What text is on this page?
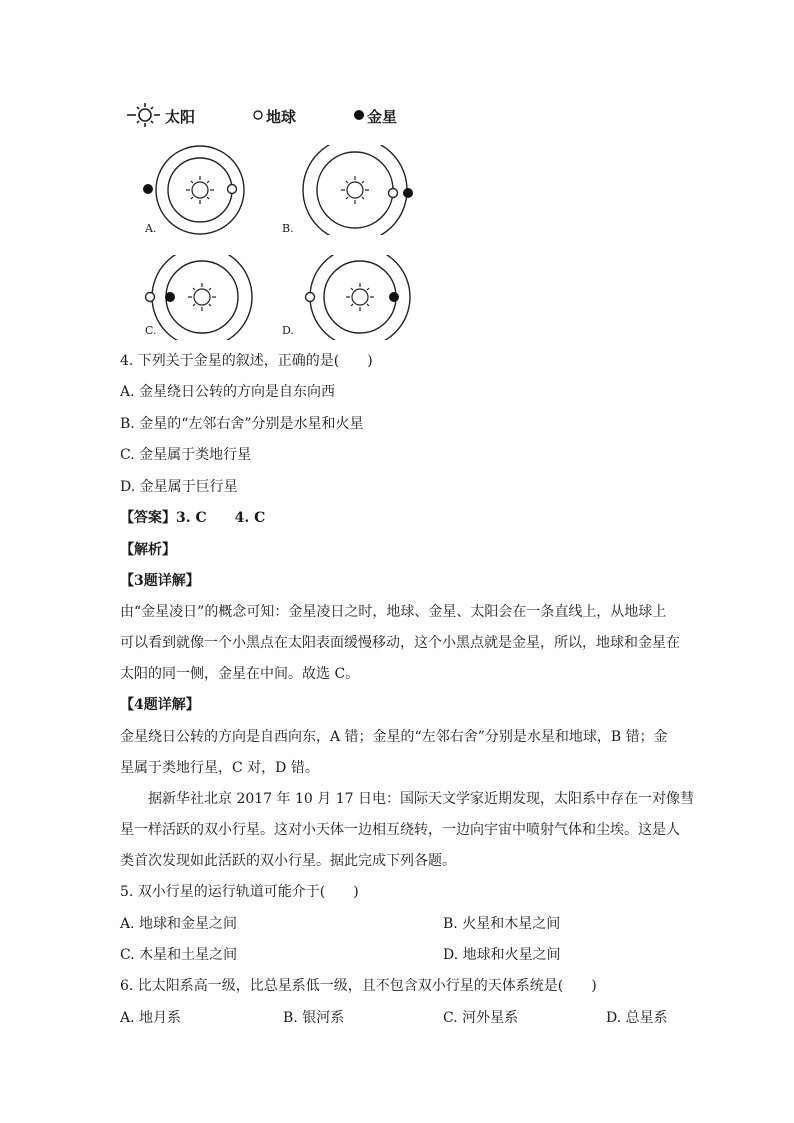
太阳	地球	金星
A.	B.
C.	D.
4. 下列关于金星的叙述，正确的是(　　)
A. 金星绕日公转的方向是自东向西
B. 金星的“左邻右舍”分别是水星和火星
C. 金星属于类地行星
D. 金星属于巨行星
【答案】3. C　　4. C
【解析】
【3题详解】
由“金星凌日”的概念可知：金星凌日之时，地球、金星、太阳会在一条直线上，从地球上
可以看到就像一个小黑点在太阳表面缓慢移动，这个小黑点就是金星，所以，地球和金星在
太阳的同一侧，金星在中间。故选 C。
【4题详解】
金星绕日公转的方向是自西向东，A 错；金星的“左邻右舍”分别是水星和地球，B 错；金
星属于类地行星，C 对，D 错。
据新华社北京 2017 年 10 月 17 日电：国际天文学家近期发现，太阳系中存在一对像彗
星一样活跃的双小行星。这对小天体一边相互绕转，一边向宇宙中喷射气体和尘埃。这是人
类首次发现如此活跃的双小行星。据此完成下列各题。
5. 双小行星的运行轨道可能介于(　　)
A. 地球和金星之间	B. 火星和木星之间
C. 木星和土星之间	D. 地球和火星之间
6. 比太阳系高一级，比总星系低一级，且不包含双小行星的天体系统是(　　)
A. 地月系	B. 银河系	C. 河外星系	D. 总星系
